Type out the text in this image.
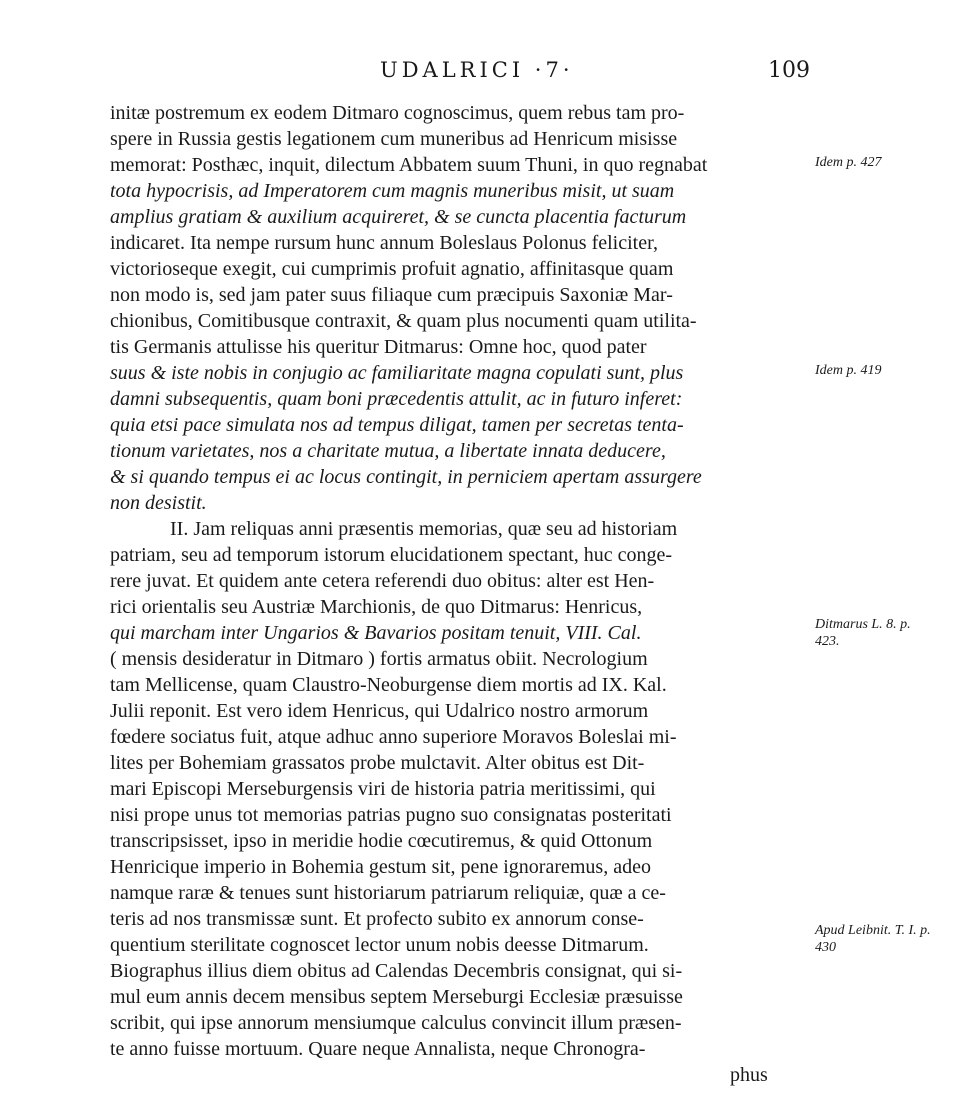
UDALRICI ·7·	109
initæ postremum ex eodem Ditmaro cognoscimus, quem rebus tam pro-
spere in Russia gestis legationem cum muneribus ad Henricum misisse
memorat: Posthæc, inquit, dilectum Abbatem suum Thuni, in quo regnabat
tota hypocrisis, ad Imperatorem cum magnis muneribus misit, ut suam
amplius gratiam & auxilium acquireret, & se cuncta placentia facturum
indicaret. Ita nempe rursum hunc annum Boleslaus Polonus feliciter,
victorioseque exegit, cui cumprimis profuit agnatio, affinitasque quam
non modo is, sed jam pater suus filiaque cum præcipuis Saxoniæ Mar-
chionibus, Comitibusque contraxit, & quam plus nocumenti quam utilita-
tis Germanis attulisse his queritur Ditmarus: Omne hoc, quod pater
suus & iste nobis in conjugio ac familiaritate magna copulati sunt, plus
damni subsequentis, quam boni præcedentis attulit, ac in futuro inferet:
quia etsi pace simulata nos ad tempus diligat, tamen per secretas tenta-
tionum varietates, nos a charitate mutua, a libertate innata deducere,
& si quando tempus ei ac locus contingit, in perniciem apertam assurgere
non desistit.
II. Jam reliquas anni præsentis memorias, quæ seu ad historiam
patriam, seu ad temporum istorum elucidationem spectant, huc conge-
rere juvat. Et quidem ante cetera referendi duo obitus: alter est Hen-
rici orientalis seu Austriæ Marchionis, de quo Ditmarus: Henricus,
qui marcham inter Ungarios & Bavarios positam tenuit, VIII. Cal.
( mensis desideratur in Ditmaro ) fortis armatus obiit. Necrologium
tam Mellicense, quam Claustro-Neoburgense diem mortis ad IX. Kal.
Julii reponit. Est vero idem Henricus, qui Udalrico nostro armorum
fœdere sociatus fuit, atque adhuc anno superiore Moravos Boleslai mi-
lites per Bohemiam grassatos probe mulctavit. Alter obitus est Dit-
mari Episcopi Merseburgensis viri de historia patria meritissimi, qui
nisi prope unus tot memorias patrias pugno suo consignatas posteritati
transcripsisset, ipso in meridie hodie cœcutiremus, & quid Ottonum
Henricique imperio in Bohemia gestum sit, pene ignoraremus, adeo
namque raræ & tenues sunt historiarum patriarum reliquiæ, quæ a ce-
teris ad nos transmissæ sunt. Et profecto subito ex annorum conse-
quentium sterilitate cognoscet lector unum nobis deesse Ditmarum.
Biographus illius diem obitus ad Calendas Decembris consignat, qui si-
mul eum annis decem mensibus septem Merseburgi Ecclesiæ præsuisse
scribit, qui ipse annorum mensiumque calculus convincit illum præsen-
te anno fuisse mortuum. Quare neque Annalista, neque Chronogra-
phus
Idem p. 427
Idem p. 419
Ditmarus L. 8. p. 423.
Apud Leibnit. T. I. p. 430
